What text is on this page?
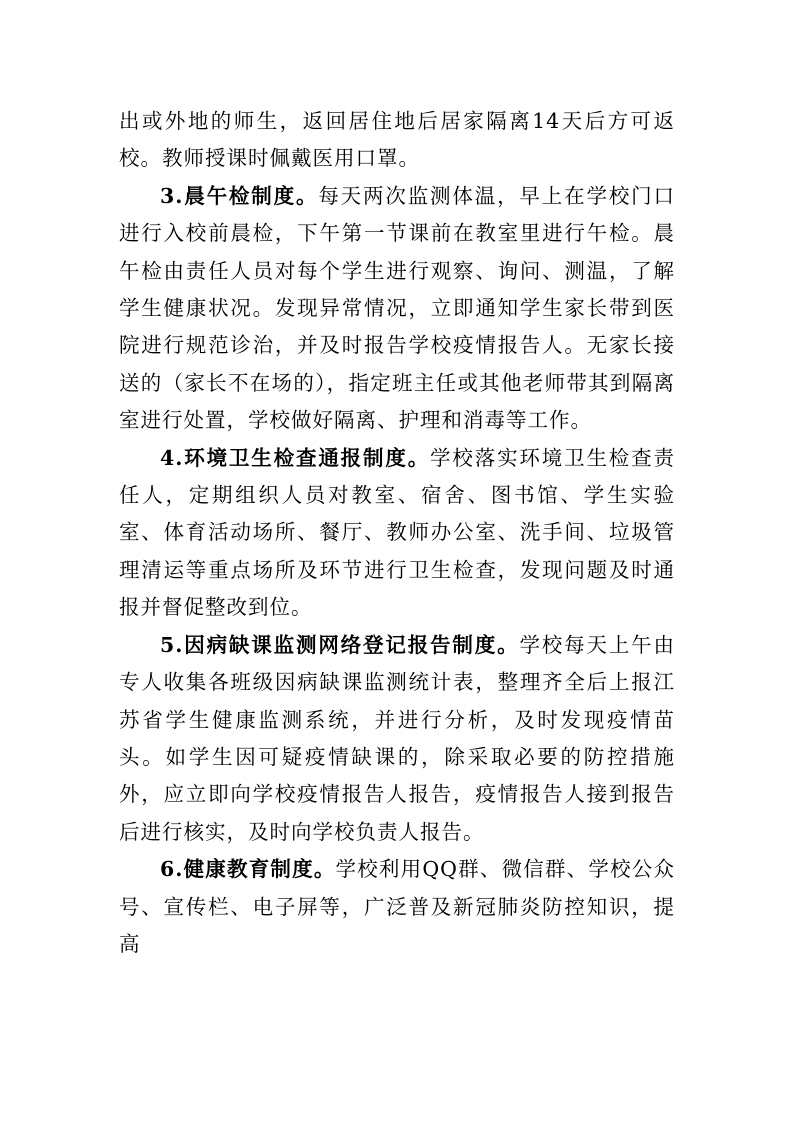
出或外地的师生，返回居住地后居家隔离14天后方可返校。教师授课时佩戴医用口罩。

3.晨午检制度。每天两次监测体温，早上在学校门口进行入校前晨检，下午第一节课前在教室里进行午检。晨午检由责任人员对每个学生进行观察、询问、测温，了解学生健康状况。发现异常情况，立即通知学生家长带到医院进行规范诊治，并及时报告学校疫情报告人。无家长接送的（家长不在场的），指定班主任或其他老师带其到隔离室进行处置，学校做好隔离、护理和消毒等工作。

4.环境卫生检查通报制度。学校落实环境卫生检查责任人，定期组织人员对教室、宿舍、图书馆、学生实验室、体育活动场所、餐厅、教师办公室、洗手间、垃圾管理清运等重点场所及环节进行卫生检查，发现问题及时通报并督促整改到位。

5.因病缺课监测网络登记报告制度。学校每天上午由专人收集各班级因病缺课监测统计表，整理齐全后上报江苏省学生健康监测系统，并进行分析，及时发现疫情苗头。如学生因可疑疫情缺课的，除采取必要的防控措施外，应立即向学校疫情报告人报告，疫情报告人接到报告后进行核实，及时向学校负责人报告。

6.健康教育制度。学校利用QQ群、微信群、学校公众号、宣传栏、电子屏等，广泛普及新冠肺炎防控知识，提高
